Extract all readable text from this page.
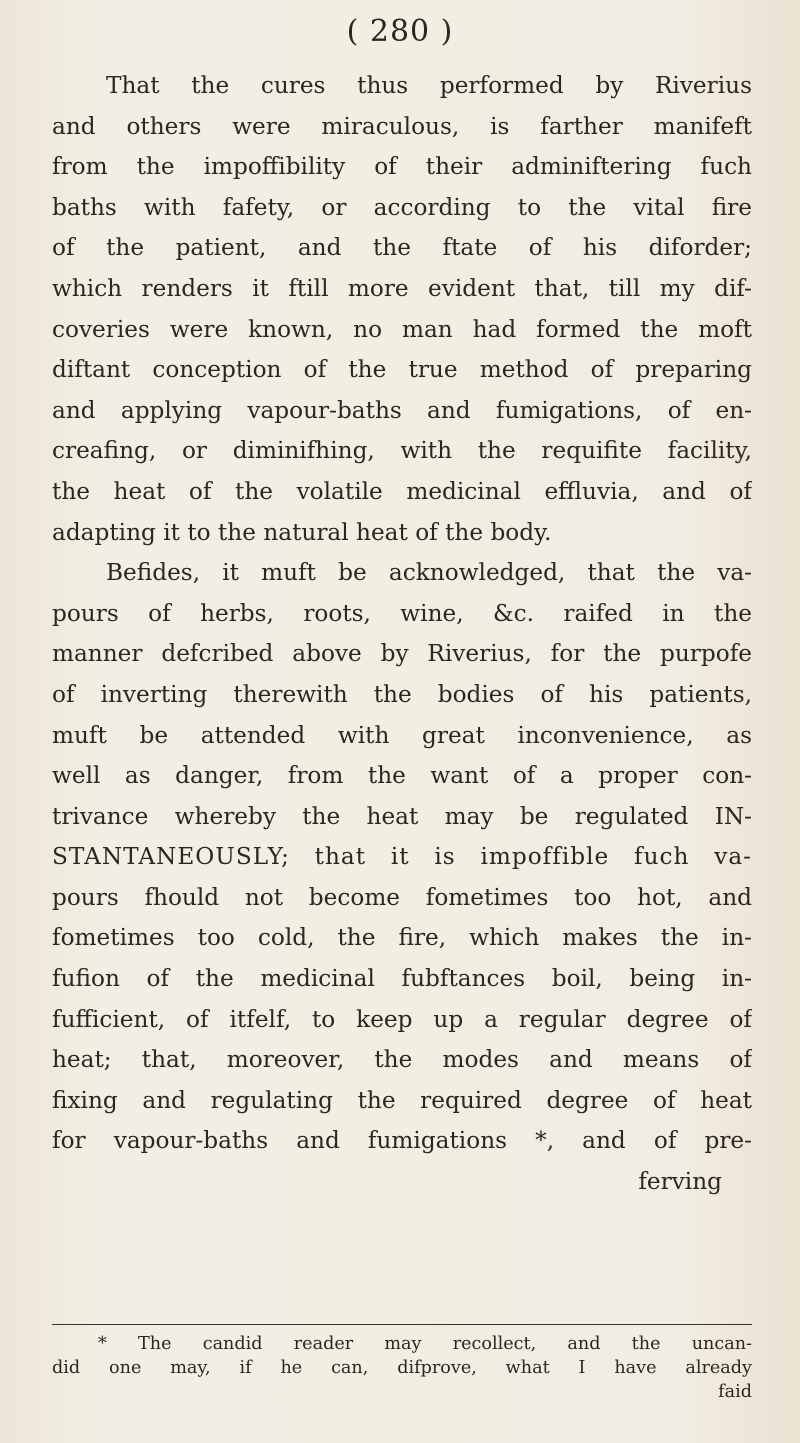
( 280 )
That the cures thus performed by Riverius
and others were miraculous, is farther manifeft
from the impoffibility of their adminiftering fuch
baths with fafety, or according to the vital fire
of the patient, and the ftate of his diforder;
which renders it ftill more evident that, till my dif-
coveries were known, no man had formed the moft
diftant conception of the true method of preparing
and applying vapour-baths and fumigations, of en-
creafing, or diminifhing, with the requifite facility,
the heat of the volatile medicinal effluvia, and of
adapting it to the natural heat of the body.
Befides, it muft be acknowledged, that the va-
pours of herbs, roots, wine, &c. raifed in the
manner defcribed above by Riverius, for the purpofe
of inverting therewith the bodies of his patients,
muft be attended with great inconvenience, as
well as danger, from the want of a proper con-
trivance whereby the heat may be regulated IN-
STANTANEOUSLY; that it is impoffible fuch va-
pours fhould not become fometimes too hot, and
fometimes too cold, the fire, which makes the in-
fufion of the medicinal fubftances boil, being in-
fufficient, of itfelf, to keep up a regular degree of
heat; that, moreover, the modes and means of
fixing and regulating the required degree of heat
for vapour-baths and fumigations *, and of pre-
ferving
* The candid reader may recollect, and the uncan-
did one may, if he can, difprove, what I have already
faid
